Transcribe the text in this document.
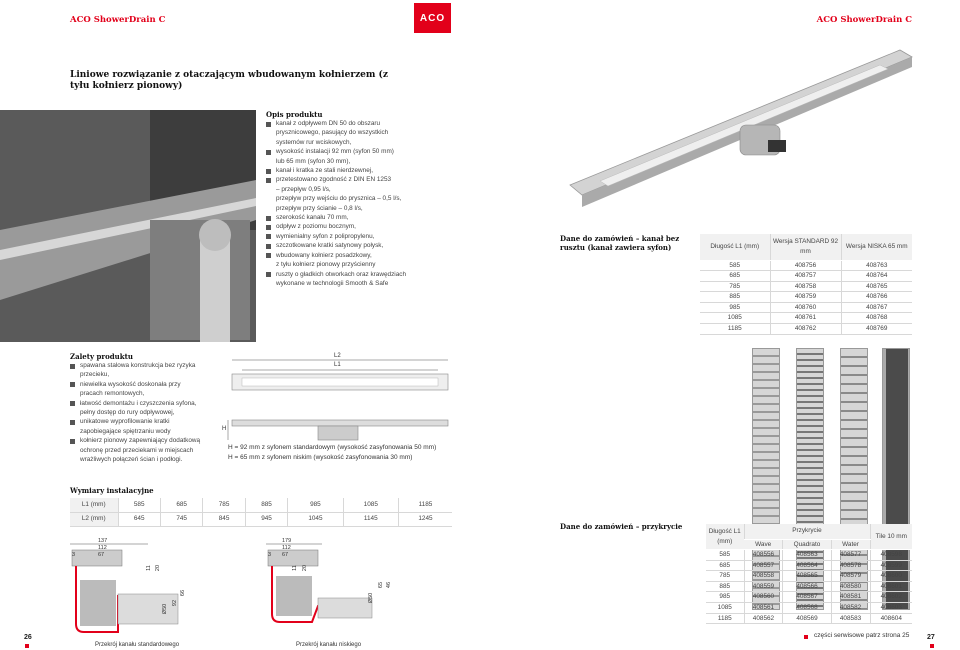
ACO ShowerDrain C	ACO	ACO ShowerDrain C
Liniowe rozwiązanie z otaczającym wbudowanym kołnierzem (z tyłu kołnierz pionowy)
Opis produktu
kanał z odpływem DN 50 do obszaru
prysznicowego, pasujący do wszystkich
systemów rur wciskowych,
wysokość instalacji 92 mm (syfon 50 mm)
lub 65 mm (syfon 30 mm),
kanał i kratka ze stali nierdzewnej,
przetestowano zgodność z DIN EN 1253
– przepływ 0,95 l/s,
przepływ przy wejściu do prysznica – 0,5 l/s,
przepływ przy ścianie – 0,8 l/s,
szerokość kanału 70 mm,
odpływ z poziomu bocznym,
wymienialny syfon z polipropylenu,
szczotkowane kratki satynowy połysk,
wbudowany kołnierz posadzkowy,
z tyłu kołnierz pionowy przyścienny
ruszty o gładkich otworkach oraz krawędziach
wykonane w technologii Smooth & Safe
Dane do zamówień – kanał bez rusztu (kanał zawiera syfon)	Długość L1 (mm)	Wersja STANDARD 92 mm	Wersja NISKA 65 mm
585	408756	408763
685	408757	408764
785	408758	408765
885	408759	408766
985	408760	408767
1085	408761	408768
1185	408762	408769
Zalety produktu
spawana stalowa konstrukcja bez ryzyka
przecieku,
niewielka wysokość doskonała przy
pracach remontowych,
łatwość demontażu i czyszczenia syfona,
pełny dostęp do rury odpływowej,
unikatowe wyprofilowanie kratki
zapobiegające spiętrzaniu wody
kołnierz pionowy zapewniający dodatkową
ochronę przed przeciekami w miejscach
wrażliwych połączeń ścian i podłogi.
L2
L1
H
H = 92 mm z syfonem standardowym (wysokość zasyfonowania 50 mm)
H = 65 mm z syfonem niskim (wysokość zasyfonowania 30 mm)
Wymiary instalacyjne
L1 (mm)	585	685	785	885	985	1085	1185
L2 (mm)	645	745	845	945	1045	1145	1245
137
112
67
3
11 20
92
66
Ø50
Przekrój kanału standardowego
179
112
67
3
11 20
65 46
Ø50
Przekrój kanału niskiego
Dane do zamówień – przykrycie
Długość L1 (mm)	Przykrycie			Tile 10 mm
	Wave	Quadrato	Water	
585	408556	408563	408577	408598
685	408557	408564	408578	408599
785	408558	408565	408579	408600
885	408559	408566	408580	408601
985	408560	408567	408581	408602
1085	408561	408568	408582	408603
1185	408562	408569	408583	408604
26	części serwisowe patrz strona 25	27
